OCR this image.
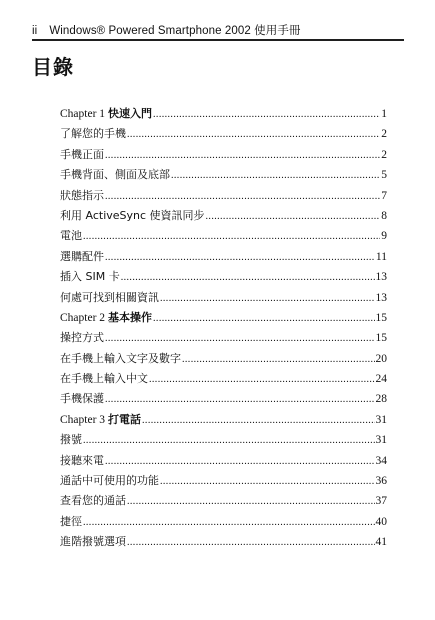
ii Windows® Powered Smartphone 2002 使用手冊
目錄
Chapter 1 快速入門 .....	1
了解您的手機 .....	2
手機正面 .....	2
手機背面、側面及底部 .....	5
狀態指示 .....	7
利用 ActiveSync 使資訊同步 .....	8
電池 .....	9
選購配件 .....	11
插入 SIM 卡 .....	13
何處可找到相關資訊 .....	13
Chapter 2 基本操作 .....	15
操控方式 .....	15
在手機上輸入文字及數字 .....	20
在手機上輸入中文 .....	24
手機保護 .....	28
Chapter 3 打電話 .....	31
撥號 .....	31
接聽來電 .....	34
通話中可使用的功能 .....	36
查看您的通話 .....	37
捷徑 .....	40
進階撥號選項 .....	41
